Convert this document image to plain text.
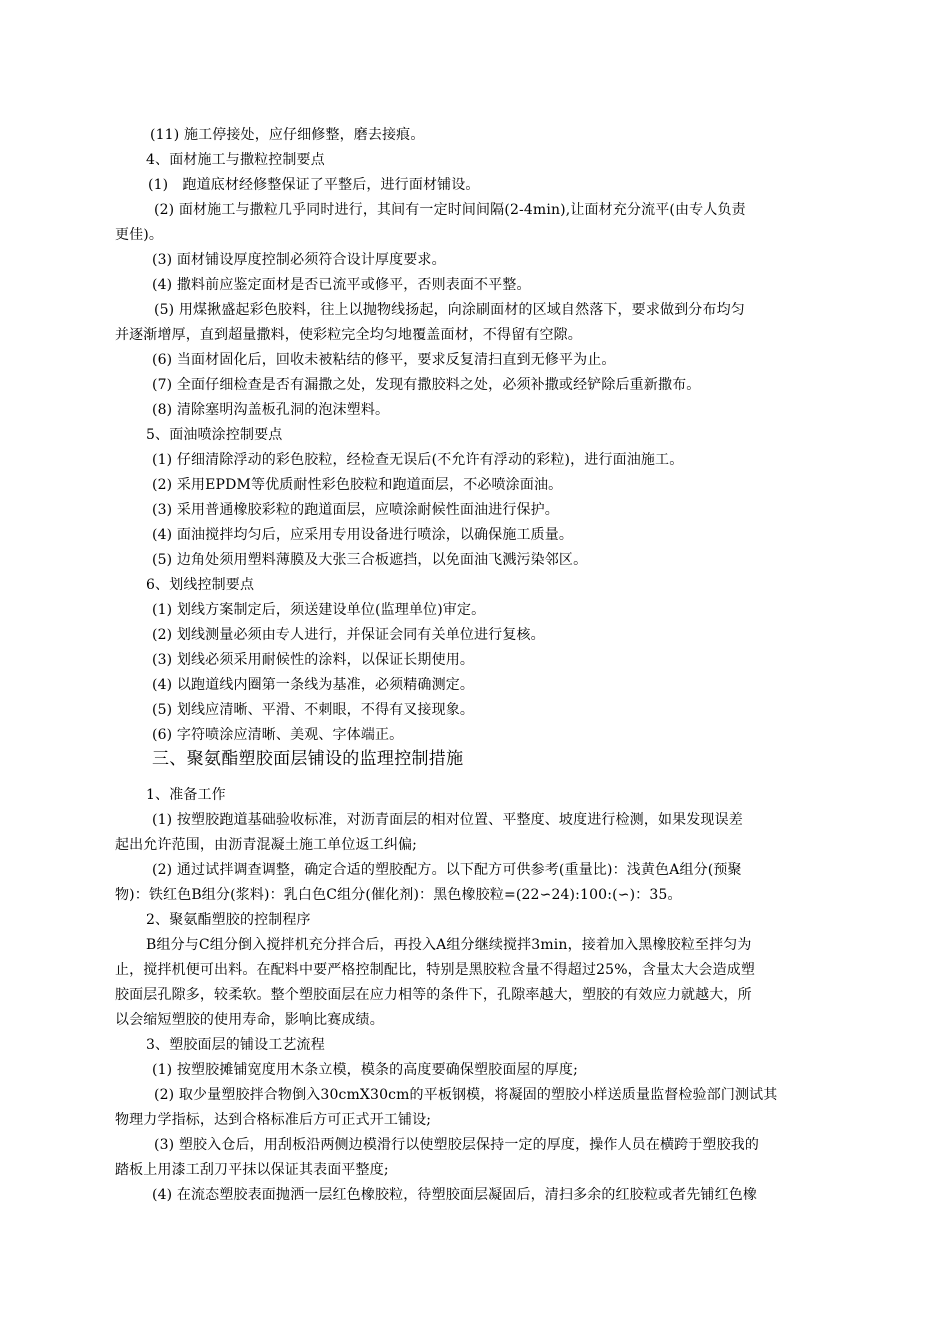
(11) 施工停接处，应仔细修整，磨去接痕。
4、面材施工与撒粒控制要点
(1)　跑道底材经修整保证了平整后，进行面材铺设。
(2) 面材施工与撒粒几乎同时进行，其间有一定时间间隔(2-4min),让面材充分流平(由专人负责
更佳)。
(3) 面材铺设厚度控制必须符合设计厚度要求。
(4) 撒料前应鉴定面材是否已流平或修平，否则表面不平整。
(5) 用煤揪盛起彩色胶料，往上以抛物线扬起，向涂刷面材的区域自然落下，要求做到分布均匀
并逐渐增厚，直到超量撒料，使彩粒完全均匀地覆盖面材，不得留有空隙。
(6) 当面材固化后，回收未被粘结的修平，要求反复清扫直到无修平为止。
(7) 全面仔细检查是否有漏撒之处，发现有撒胶料之处，必须补撒或经铲除后重新撒布。
(8) 清除塞明沟盖板孔洞的泡沫塑料。
5、面油喷涂控制要点
(1) 仔细清除浮动的彩色胶粒，经检查无误后(不允许有浮动的彩粒)，进行面油施工。
(2) 采用EPDM等优质耐性彩色胶粒和跑道面层，不必喷涂面油。
(3) 采用普通橡胶彩粒的跑道面层，应喷涂耐候性面油进行保护。
(4) 面油搅拌均匀后，应采用专用设备进行喷涂，以确保施工质量。
(5) 边角处须用塑料薄膜及大张三合板遮挡，以免面油飞溅污染邻区。
6、划线控制要点
(1) 划线方案制定后，须送建设单位(监理单位)审定。
(2) 划线测量必须由专人进行，并保证会同有关单位进行复核。
(3) 划线必须采用耐候性的涂料，以保证长期使用。
(4) 以跑道线内圈第一条线为基准，必须精确测定。
(5) 划线应清晰、平滑、不刺眼，不得有叉接现象。
(6) 字符喷涂应清晰、美观、字体端正。
三、聚氨酯塑胶面层铺设的监理控制措施
1、准备工作
(1) 按塑胶跑道基础验收标准，对沥青面层的相对位置、平整度、坡度进行检测，如果发现误差
起出允许范围，由沥青混凝土施工单位返工纠偏;
(2) 通过试拌调查调整，确定合适的塑胶配方。以下配方可供参考(重量比)：浅黄色A组分(预聚
物)：铁红色B组分(浆料)：乳白色C组分(催化剂)：黑色橡胶粒=(22∽24):100:(∽)：35。
2、聚氨酯塑胶的控制程序
B组分与C组分倒入搅拌机充分拌合后，再投入A组分继续搅拌3min，接着加入黑橡胶粒至拌匀为
止，搅拌机便可出料。在配料中要严格控制配比，特别是黑胶粒含量不得超过25%，含量太大会造成塑
胶面层孔隙多，较柔软。整个塑胶面层在应力相等的条件下，孔隙率越大，塑胶的有效应力就越大，所
以会缩短塑胶的使用寿命，影响比赛成绩。
3、塑胶面层的铺设工艺流程
(1) 按塑胶摊铺宽度用木条立模，模条的高度要确保塑胶面屋的厚度;
(2) 取少量塑胶拌合物倒入30cmX30cm的平板钢模，将凝固的塑胶小样送质量监督检验部门测试其
物理力学指标，达到合格标准后方可正式开工铺设;
(3) 塑胶入仓后，用刮板沿两侧边模滑行以使塑胶层保持一定的厚度，操作人员在横跨于塑胶我的
踏板上用漆工刮刀平抹以保证其表面平整度;
(4) 在流态塑胶表面抛洒一层红色橡胶粒，待塑胶面层凝固后，清扫多余的红胶粒或者先铺红色橡
